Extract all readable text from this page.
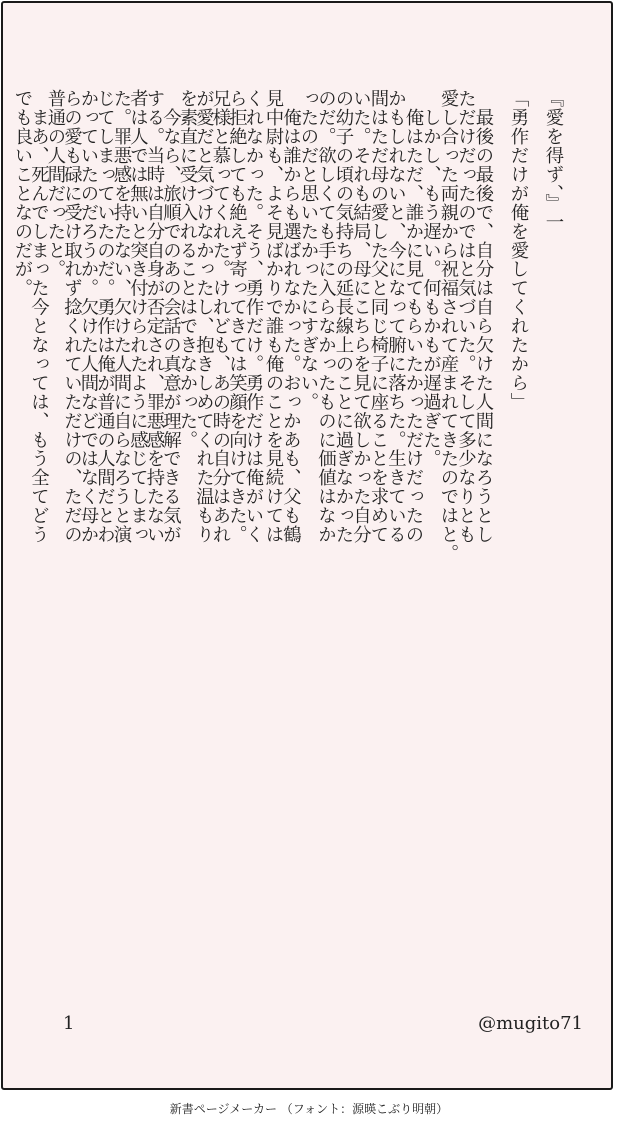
『愛を得ず、』一
「勇作だけが俺を愛してくれたから」
　最後の最後で、自分は自ら欠けた人間になろうとし
ただけだったのではと気づいた。そして多少なりとも
愛し合った両親から祝福されて産まれてきたのではと。
　しかし、もう遅い。何もかもが遅過ぎた。
　俺はただ、誰かに見てもらいたかっただけだったの
かもしれないと、今になって腑に落ちた。生きている
間はただ母の愛した父と同じ椅子に座ることを求めて
いた。それも結局、母にこちらを見て欲しかった自分
の幼子の頃の気持ちの延長線上のことに過ぎなかった
のだ。欲しくても手に入らなかったものに価値はなか
ったのだと思いたかったにすぎない。
　俺は誰からも選ばれなかった。おっかあも、父も鶴
見中尉も、よそ見ばかりで誰も俺のことを見続けては
くれなかった。そう、勇作だけ。勇作だけは俺がいく
ら拒絶しても絶えず寄ってきては笑顔を向けてきた。
兄様と慕ってくれた。けれども、あの時の自分はあれ
が愛だと気づけなかったし、抱きしめてくれた温もり
を素直に受け入れることはできなかった。
　今なら、旅順でのあの会話の真意が理解できる気が
する。当時は自分自身が否定され、罪悪感を持たない
者は人では無いと突き付けられたように感じてしまっ
た。罪悪感を持たない、欠けた人間に自らなろうと演
じてしまっていたのだ。勇作は俺が普通の人間だとわ
かっていたのだろうか。欠けた人間などではなく母か
らの愛も碌に受け取れず捻くれていただけの、ただの
普通の人間だったと。
　まあ、死んでしまった今となっては、もう全てどう
でも良いことなのだが。
1	@mugito71
新書ページメーカー （フォント：源暎こぶり明朝）
